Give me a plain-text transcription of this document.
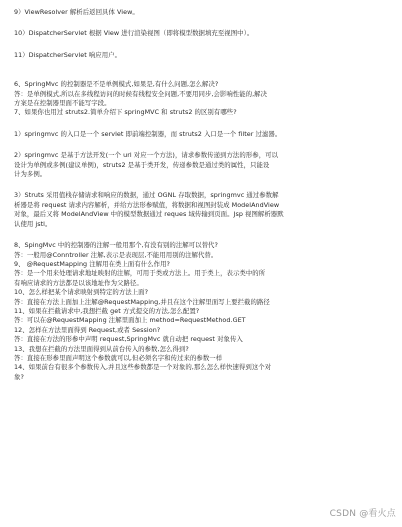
9）ViewResolver 解析后返回具体 View。
10）DispatcherServlet 根据 View 进行渲染视图（即将模型数据填充至视图中）。
11）DispatcherServlet 响应用户。
6、SpringMvc 的控制器是不是单例模式,如果是,有什么问题,怎么解决?
答：是单例模式,所以在多线程访问的时候有线程安全问题,不要用同步,会影响性能的,解决
方案是在控制器里面不能写字段。
7、如果你也用过 struts2.简单介绍下 springMVC 和 struts2 的区别有哪些?
1）springmvc 的入口是一个 servlet 即前端控制器，而 struts2 入口是一个 filter 过滤器。
2）springmvc 是基于方法开发(一个 url 对应一个方法)，请求参数传递到方法的形参，可以
设计为单例或多例(建议单例)，struts2 是基于类开发，传递参数是通过类的属性，只能设
计为多例。
3）Struts 采用值栈存储请求和响应的数据，通过 OGNL 存取数据，springmvc 通过参数解
析器是将 request 请求内容解析，并给方法形参赋值，将数据和视图封装成 ModelAndView
对象，最后又将 ModelAndView 中的模型数据通过 reques 域传输到页面。Jsp 视图解析器默
认使用 jstl。
8、SpingMvc 中的控制器的注解一般用那个,有没有别的注解可以替代?
答：一般用@Conntroller 注解,表示是表现层,不能用用别的注解代替。
9、 @RequestMapping 注解用在类上面有什么作用?
答：是一个用来处理请求地址映射的注解，可用于类或方法上。用于类上，表示类中的所
有响应请求的方法都是以该地址作为父路径。
10、怎么样把某个请求映射到特定的方法上面?
答：直接在方法上面加上注解@RequestMapping,并且在这个注解里面写上要拦截的路径
11、如果在拦截请求中,我想拦截 get 方式提交的方法,怎么配置?
答：可以在@RequestMapping 注解里面加上 method=RequestMethod.GET
12、怎样在方法里面得到 Request,或者 Session?
答：直接在方法的形参中声明 request,SpringMvc 就自动把 request 对象传入
13、我想在拦截的方法里面得到从前台传入的参数,怎么得到?
答：直接在形参里面声明这个参数就可以,但必须名字和传过来的参数一样
14、如果前台有很多个参数传入,并且这些参数都是一个对象的,那么怎么样快速得到这个对
象?
CSDN @看火点
